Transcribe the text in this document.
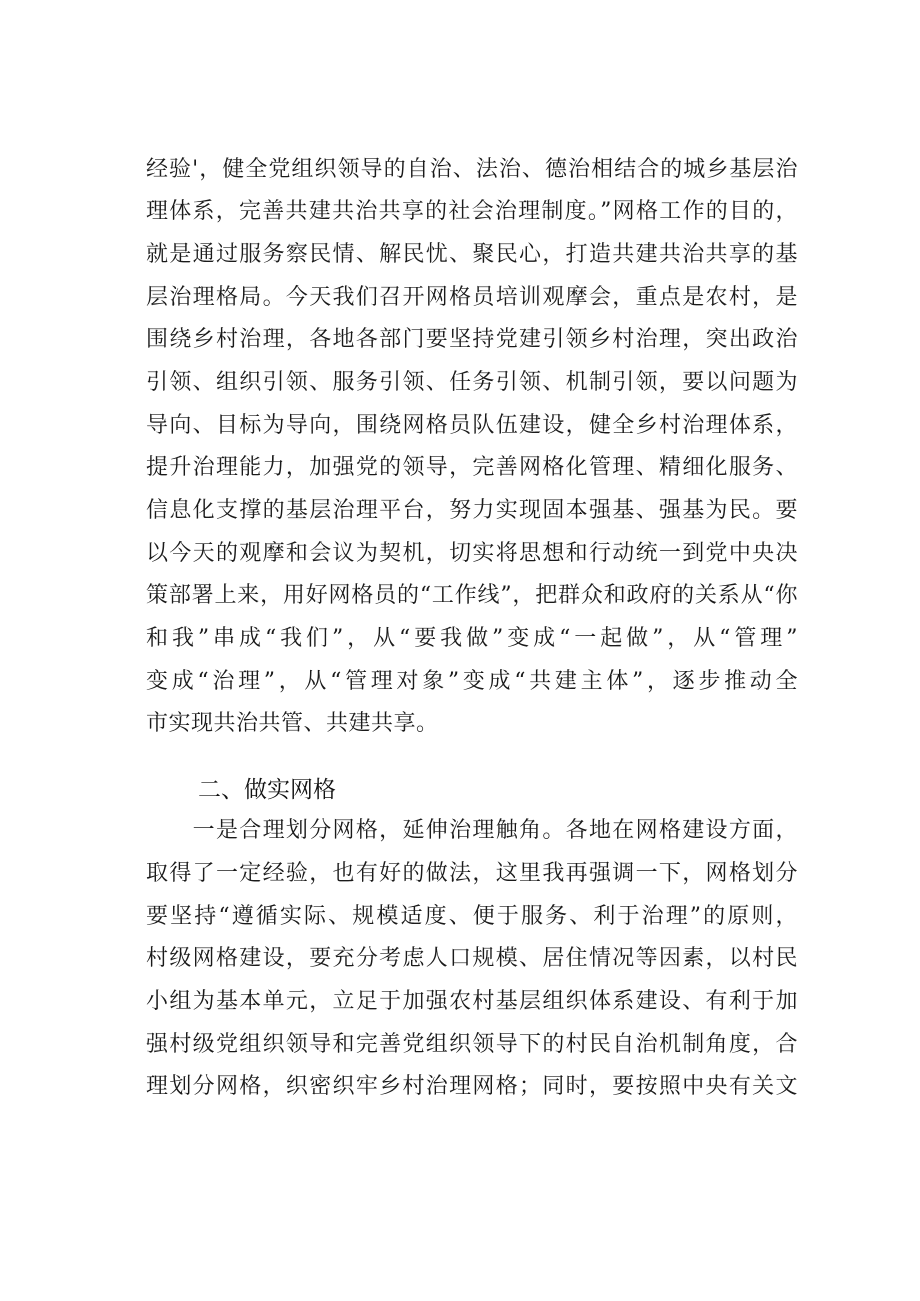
经验'，健全党组织领导的自治、法治、德治相结合的城乡基层治
理体系，完善共建共治共享的社会治理制度。”网格工作的目的，
就是通过服务察民情、解民忧、聚民心，打造共建共治共享的基
层治理格局。今天我们召开网格员培训观摩会，重点是农村，是
围绕乡村治理，各地各部门要坚持党建引领乡村治理，突出政治
引领、组织引领、服务引领、任务引领、机制引领，要以问题为
导向、目标为导向，围绕网格员队伍建设，健全乡村治理体系，
提升治理能力，加强党的领导，完善网格化管理、精细化服务、
信息化支撑的基层治理平台，努力实现固本强基、强基为民。要
以今天的观摩和会议为契机，切实将思想和行动统一到党中央决
策部署上来，用好网格员的“工作线”，把群众和政府的关系从“你
和我”串成“我们”，从“要我做”变成“一起做”，从“管理”
变成“治理”，从“管理对象”变成“共建主体”，逐步推动全
市实现共治共管、共建共享。
二、做实网格
　　一是合理划分网格，延伸治理触角。各地在网格建设方面，
取得了一定经验，也有好的做法，这里我再强调一下，网格划分
要坚持“遵循实际、规模适度、便于服务、利于治理”的原则，
村级网格建设，要充分考虑人口规模、居住情况等因素，以村民
小组为基本单元，立足于加强农村基层组织体系建设、有利于加
强村级党组织领导和完善党组织领导下的村民自治机制角度，合
理划分网格，织密织牢乡村治理网格；同时，要按照中央有关文
